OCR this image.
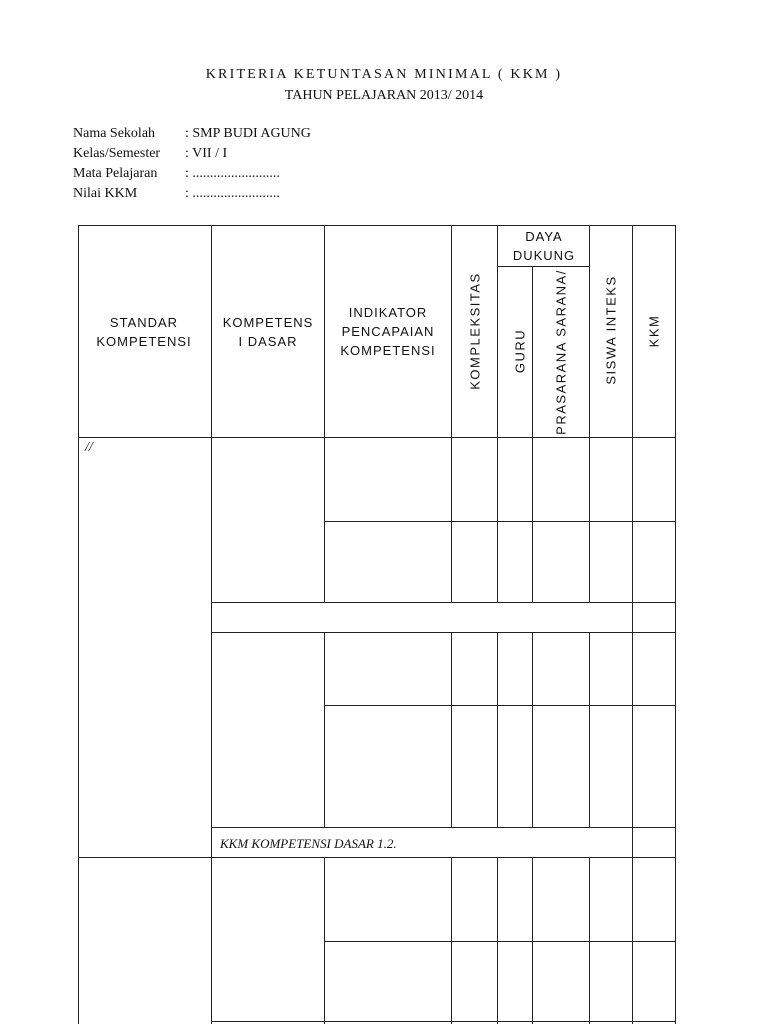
KRITERIA KETUNTASAN MINIMAL ( KKM )
TAHUN PELAJARAN 2013/ 2014
Nama Sekolah : SMP BUDI AGUNG
Kelas/Semester : VII / I
Mata Pelajaran : .........................
Nilai KKM	: .........................
STANDAR KOMPETENSI
KOMPETENS
I DASAR
INDIKATOR PENCAPAIAN KOMPETENSI
DAYA DUKUNG
KOMPLEKSITAS GURU PRASARANA SARANA/	SISWA INTEKS KKM
//
KKM KOMPETENSI DASAR 1.2.
